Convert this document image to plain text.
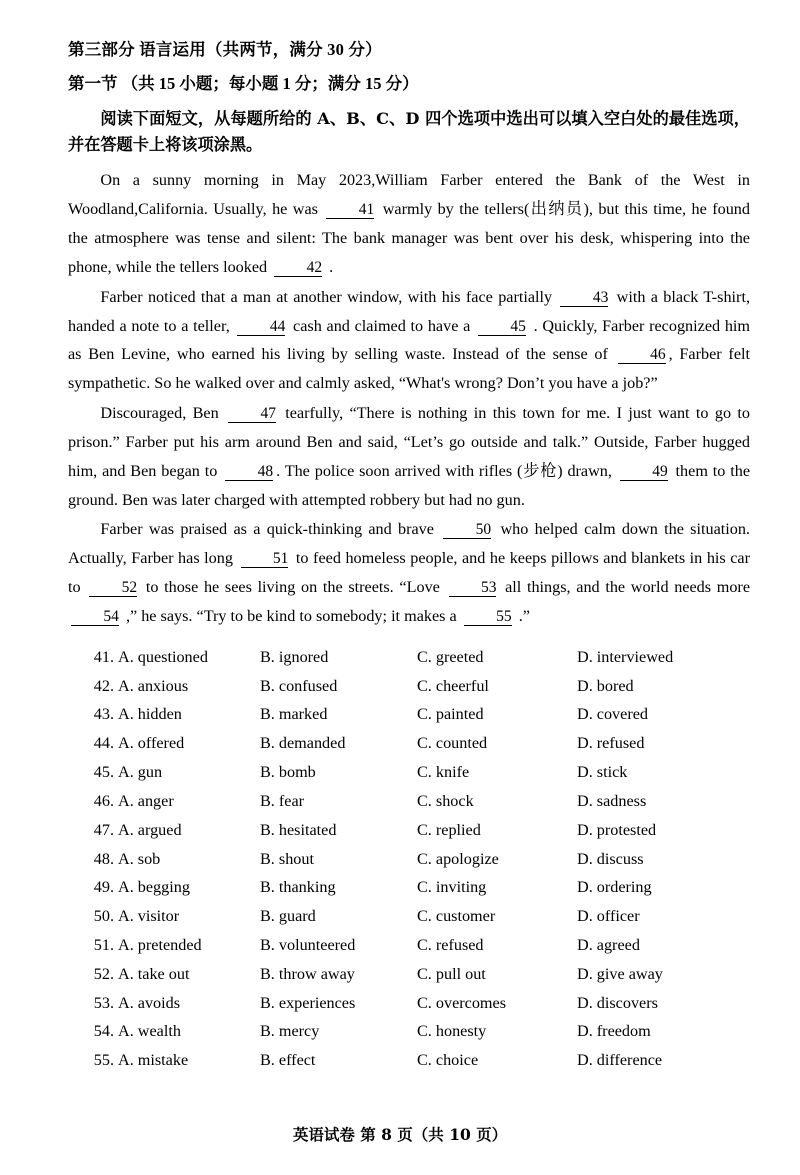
第三部分 语言运用（共两节，满分 30 分）
第一节 （共 15 小题；每小题 1 分；满分 15 分）
阅读下面短文，从每题所给的 A、B、C、D 四个选项中选出可以填入空白处的最佳选项，并在答题卡上将该项涂黑。

On a sunny morning in May 2023,William Farber entered the Bank of the West in Woodland,California. Usually, he was 41 warmly by the tellers(出纳员), but this time, he found the atmosphere was tense and silent: The bank manager was bent over his desk, whispering into the phone, while the tellers looked 42 .

Farber noticed that a man at another window, with his face partially 43 with a black T-shirt, handed a note to a teller, 44 cash and claimed to have a 45 . Quickly, Farber recognized him as Ben Levine, who earned his living by selling waste. Instead of the sense of 46 , Farber felt sympathetic. So he walked over and calmly asked, “What's wrong? Don’t you have a job?”

Discouraged, Ben 47 tearfully, “There is nothing in this town for me. I just want to go to prison.” Farber put his arm around Ben and said, “Let’s go outside and talk.” Outside, Farber hugged him, and Ben began to 48 . The police soon arrived with rifles (步枪) drawn, 49 them to the ground. Ben was later charged with attempted robbery but had no gun.

Farber was praised as a quick-thinking and brave 50 who helped calm down the situation. Actually, Farber has long 51 to feed homeless people, and he keeps pillows and blankets in his car to 52 to those he sees living on the streets. “Love 53 all things, and the world needs more 54 ,” he says. “Try to be kind to somebody; it makes a 55 .”

41. A. questioned	B. ignored	C. greeted	D. interviewed
42. A. anxious	B. confused	C. cheerful	D. bored
43. A. hidden	B. marked	C. painted	D. covered
44. A. offered	B. demanded	C. counted	D. refused
45. A. gun	B. bomb	C. knife	D. stick
46. A. anger	B. fear	C. shock	D. sadness
47. A. argued	B. hesitated	C. replied	D. protested
48. A. sob	B. shout	C. apologize	D. discuss
49. A. begging	B. thanking	C. inviting	D. ordering
50. A. visitor	B. guard	C. customer	D. officer
51. A. pretended	B. volunteered	C. refused	D. agreed
52. A. take out	B. throw away	C. pull out	D. give away
53. A. avoids	B. experiences	C. overcomes	D. discovers
54. A. wealth	B. mercy	C. honesty	D. freedom
55. A. mistake	B. effect	C. choice	D. difference
英语试卷 第 8 页（共 10 页）
